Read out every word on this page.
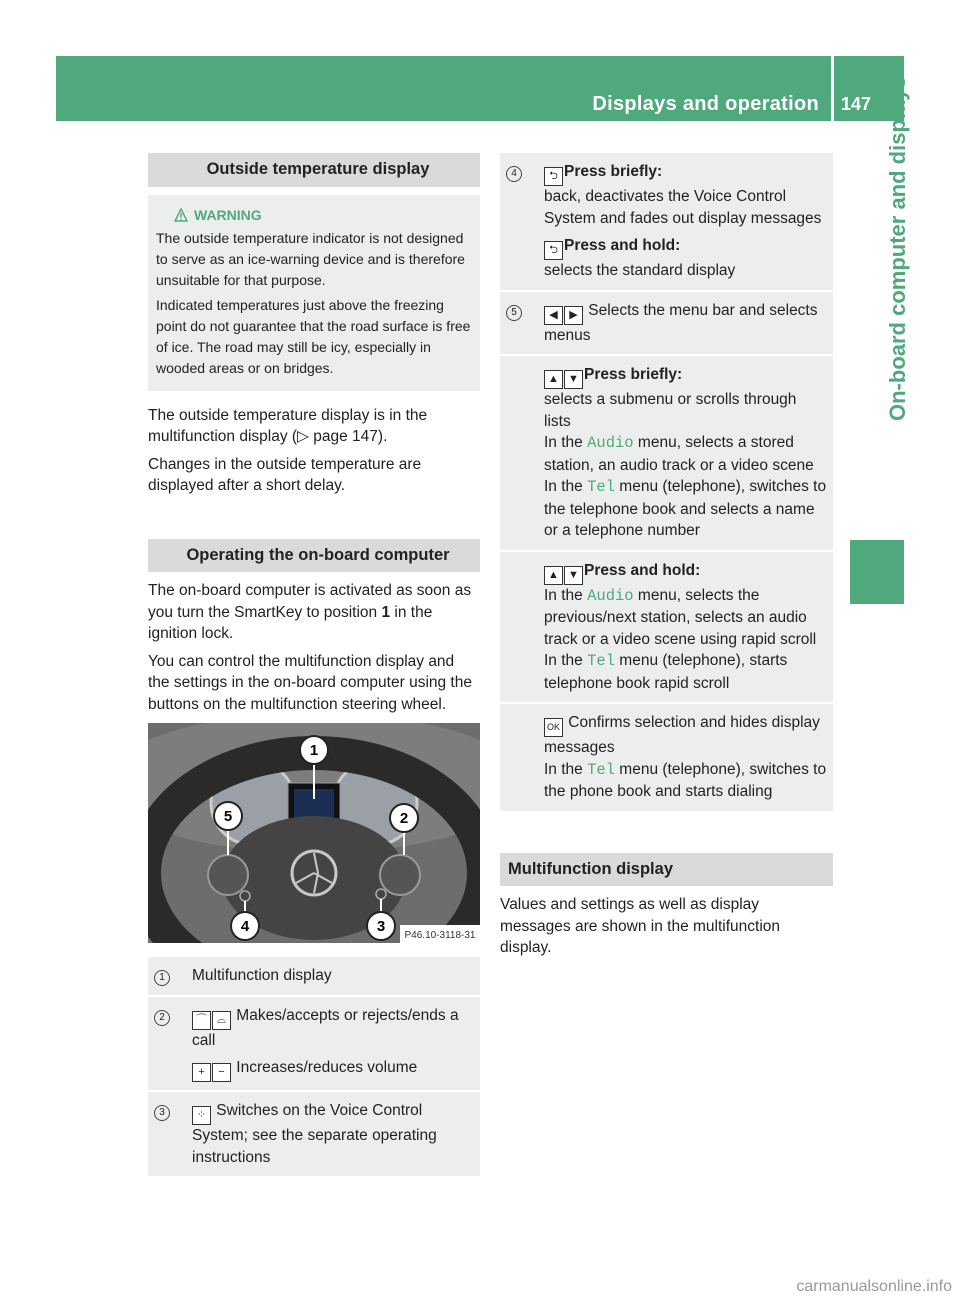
Displays and operation 147 On-board computer and displays
Outside temperature display
WARNING

The outside temperature indicator is not designed to serve as an ice-warning device and is therefore unsuitable for that purpose.

Indicated temperatures just above the freezing point do not guarantee that the road surface is free of ice. The road may still be icy, especially in wooded areas or on bridges.

The outside temperature display is in the multifunction display (▷ page 147).

Changes in the outside temperature are displayed after a short delay.

Operating the on-board computer

The on-board computer is activated as soon as you turn the SmartKey to position 1 in the ignition lock.

You can control the multifunction display and the settings in the on-board computer using the buttons on the multifunction steering wheel.

1
2
3
4
5
P46.10-3118-31
1	Multifunction display
2	⌒ ⌓ Makes/accepts or rejects/ends a call
+ − Increases/reduces volume
3	⁘ Switches on the Voice Control System; see the separate operating instructions
4	⮌ Press briefly:
back, deactivates the Voice Control System and fades out display messages
⮌ Press and hold:
selects the standard display

5	◀ ▶ Selects the menu bar and selects menus
	▲ ▼ Press briefly:
selects a submenu or scrolls through lists
In the Audio menu, selects a stored station, an audio track or a video scene
In the Tel menu (telephone), switches to the telephone book and selects a name or a telephone number

	▲ ▼ Press and hold:
In the Audio menu, selects the previous/next station, selects an audio track or a video scene using rapid scroll
In the Tel menu (telephone), starts telephone book rapid scroll

	OK Confirms selection and hides display messages
In the Tel menu (telephone), switches to the phone book and starts dialing
Multifunction display

Values and settings as well as display messages are shown in the multifunction display.

carmanualsonline.info
